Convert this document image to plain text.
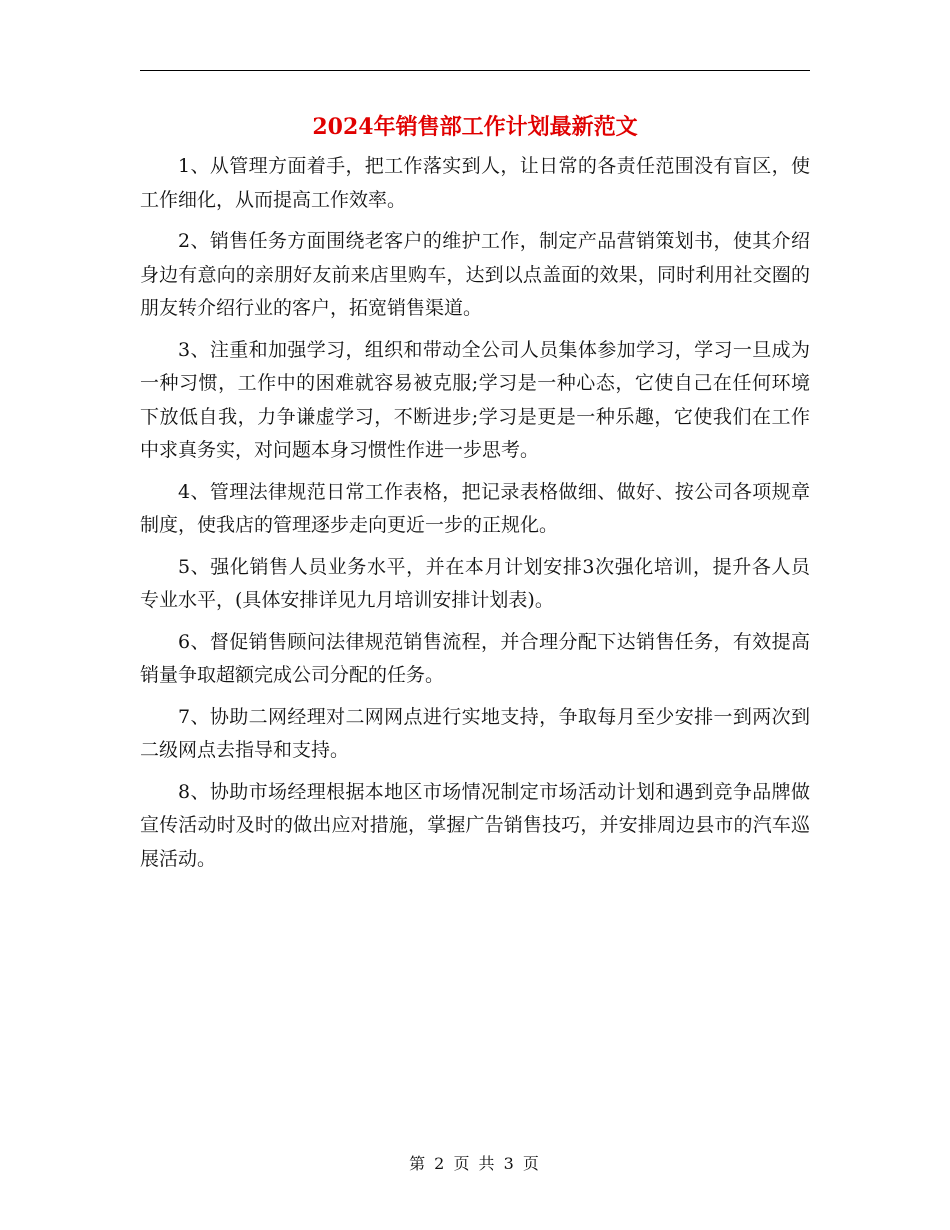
2024年销售部工作计划最新范文

1、从管理方面着手，把工作落实到人，让日常的各责任范围没有盲区，使工作细化，从而提高工作效率。

2、销售任务方面围绕老客户的维护工作，制定产品营销策划书，使其介绍身边有意向的亲朋好友前来店里购车，达到以点盖面的效果，同时利用社交圈的朋友转介绍行业的客户，拓宽销售渠道。

3、注重和加强学习，组织和带动全公司人员集体参加学习，学习一旦成为一种习惯，工作中的困难就容易被克服;学习是一种心态，它使自己在任何环境下放低自我，力争谦虚学习，不断进步;学习是更是一种乐趣，它使我们在工作中求真务实，对问题本身习惯性作进一步思考。

4、管理法律规范日常工作表格，把记录表格做细、做好、按公司各项规章制度，使我店的管理逐步走向更近一步的正规化。

5、强化销售人员业务水平，并在本月计划安排3次强化培训，提升各人员专业水平，(具体安排详见九月培训安排计划表)。

6、督促销售顾问法律规范销售流程，并合理分配下达销售任务，有效提高销量争取超额完成公司分配的任务。

7、协助二网经理对二网网点进行实地支持，争取每月至少安排一到两次到二级网点去指导和支持。

8、协助市场经理根据本地区市场情况制定市场活动计划和遇到竞争品牌做宣传活动时及时的做出应对措施，掌握广告销售技巧，并安排周边县市的汽车巡展活动。

第 2 页 共 3 页
